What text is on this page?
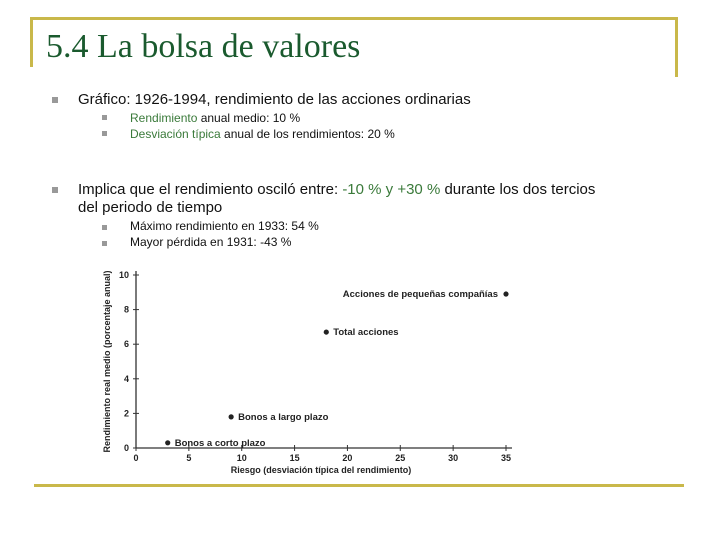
5.4 La bolsa de valores
Gráfico: 1926-1994, rendimiento de las acciones ordinarias
Rendimiento anual medio: 10 %
Desviación típica anual de los rendimientos: 20 %
Implica que el rendimiento osciló entre: -10 % y +30 % durante los dos tercios
del periodo de tiempo
Máximo rendimiento en 1933: 54 %
Mayor pérdida en 1931: -43 %
0
2
4
6
8
10
0	5	10	15	20	25	30	35
Riesgo (desviación típica del rendimiento)
Rendimiento real medio (porcentaje anual)	Acciones de pequeñas compañías
Total acciones
Bonos a largo plazo
Bonos a corto plazo
